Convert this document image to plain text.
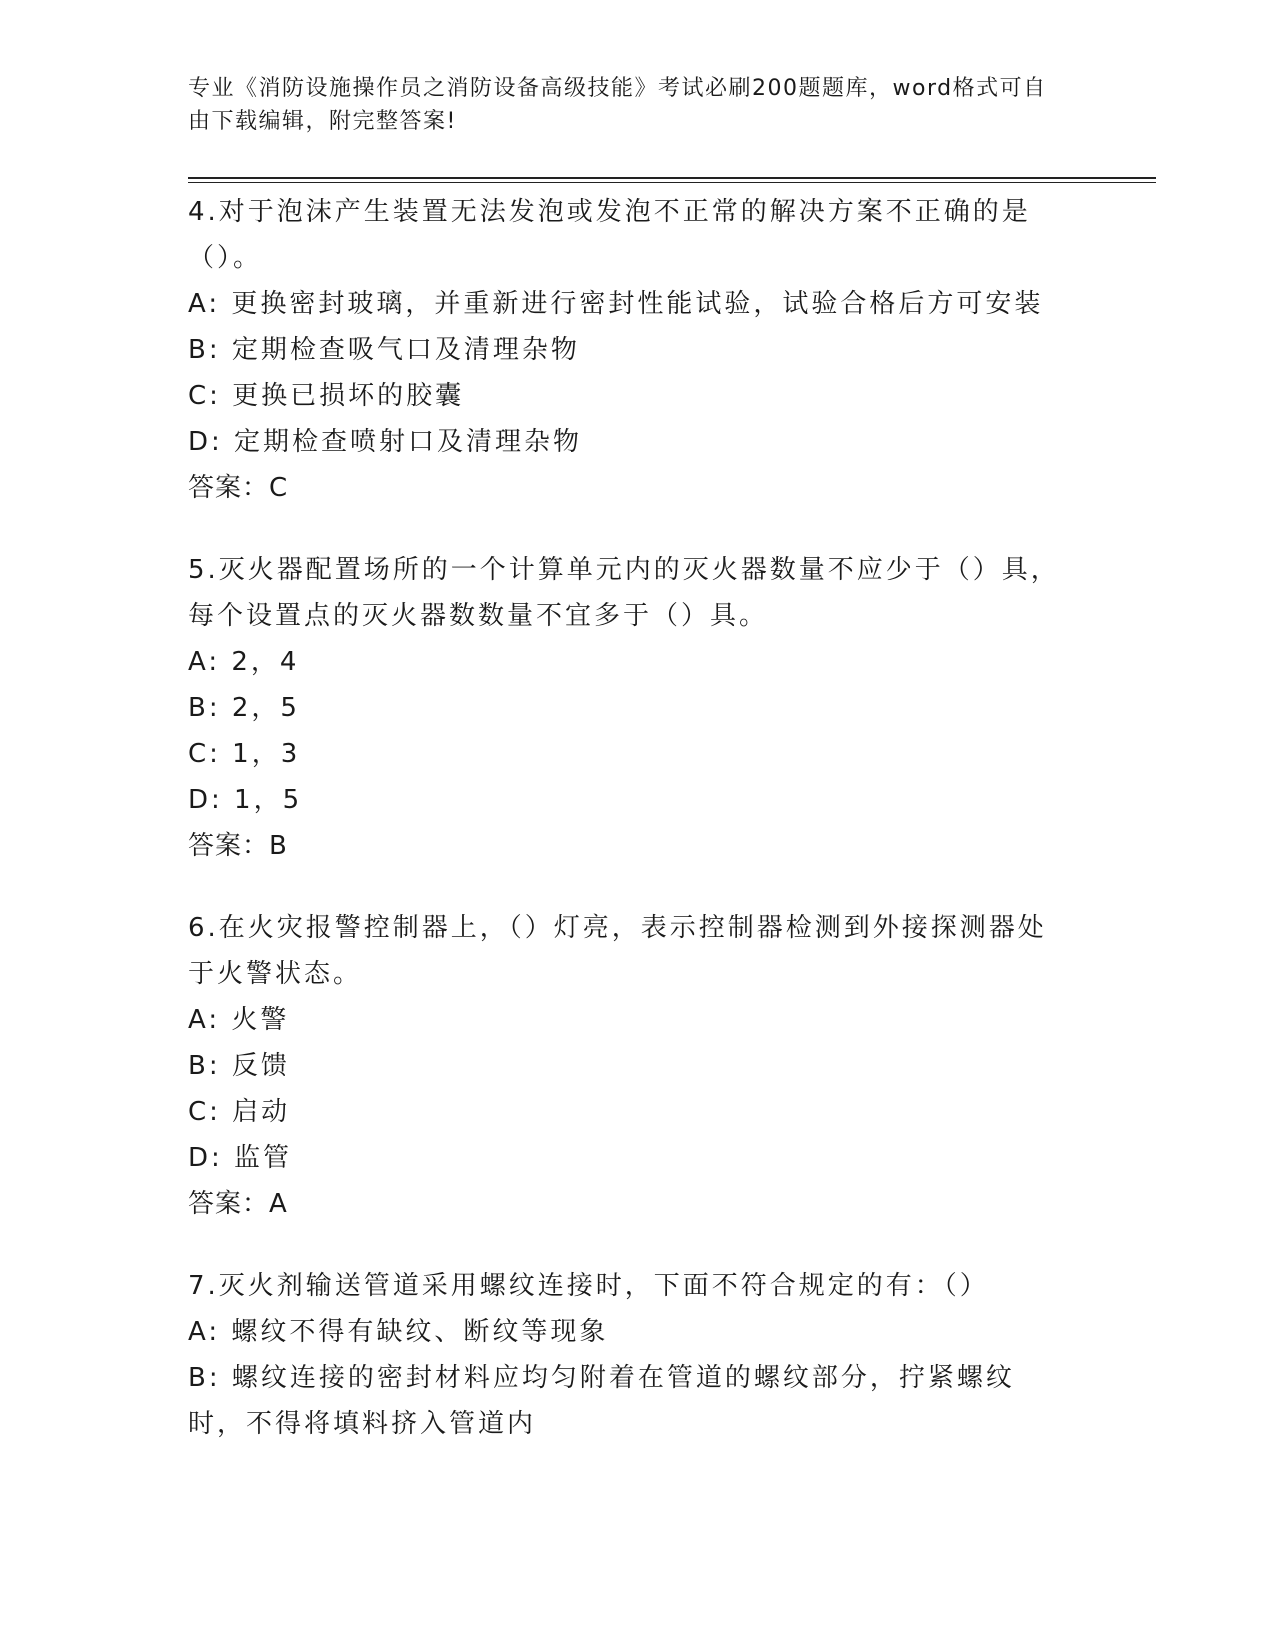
专业《消防设施操作员之消防设备高级技能》考试必刷200题题库，word格式可自由下载编辑，附完整答案!
4.对于泡沫产生装置无法发泡或发泡不正常的解决方案不正确的是（）。
A: 更换密封玻璃，并重新进行密封性能试验，试验合格后方可安装
B: 定期检查吸气口及清理杂物
C: 更换已损坏的胶囊
D: 定期检查喷射口及清理杂物
答案：C
5.灭火器配置场所的一个计算单元内的灭火器数量不应少于（）具，每个设置点的灭火器数数量不宜多于（）具。
A: 2，4
B: 2，5
C: 1，3
D: 1，5
答案：B
6.在火灾报警控制器上，（）灯亮，表示控制器检测到外接探测器处于火警状态。
A: 火警
B: 反馈
C: 启动
D: 监管
答案：A
7.灭火剂输送管道采用螺纹连接时，下面不符合规定的有：（）
A: 螺纹不得有缺纹、断纹等现象
B: 螺纹连接的密封材料应均匀附着在管道的螺纹部分，拧紧螺纹时，不得将填料挤入管道内
